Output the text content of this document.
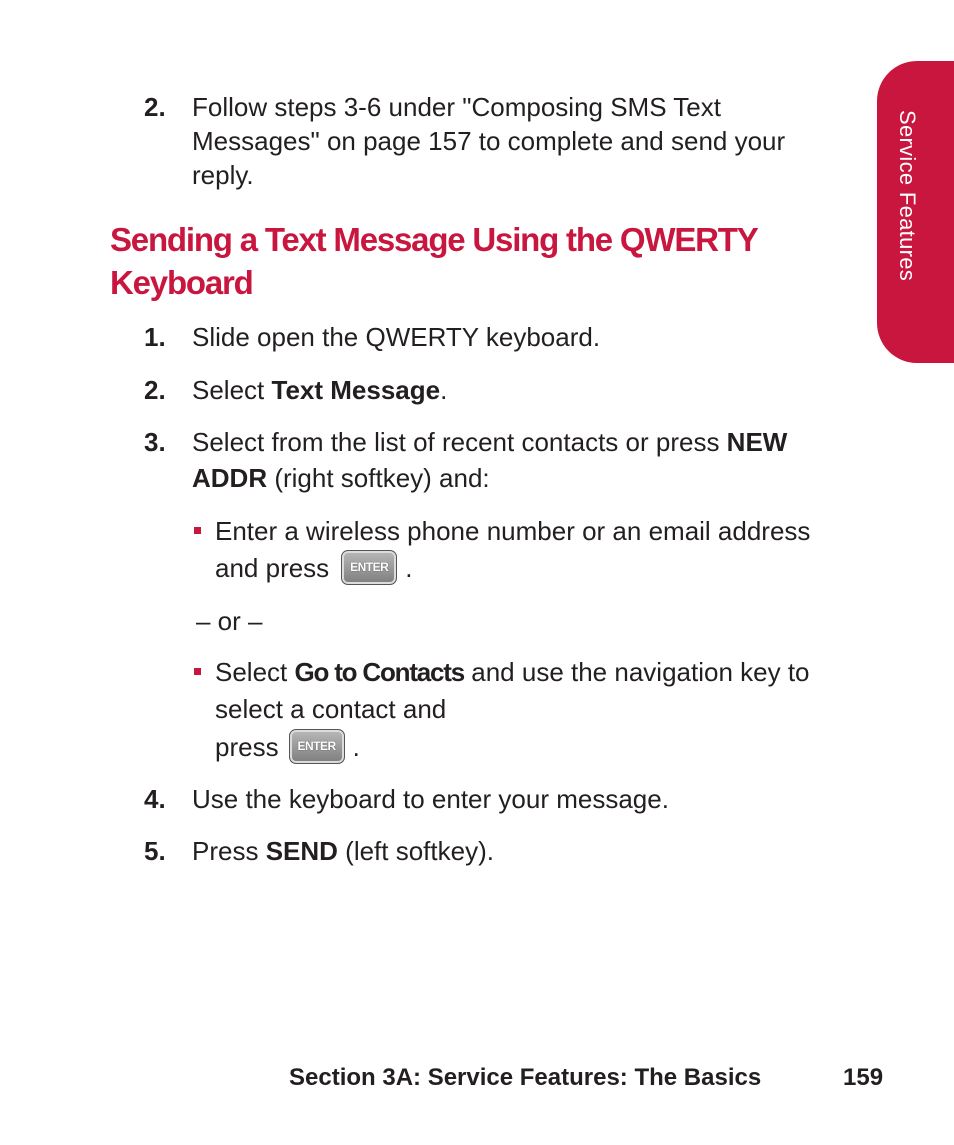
Service Features
2. Follow steps 3-6 under "Composing SMS Text
Messages" on page 157 to complete and send your
reply.
Sending a Text Message Using the QWERTY
Keyboard
1. Slide open the QWERTY keyboard.
2. Select Text Message.
3. Select from the list of recent contacts or press NEW
ADDR (right softkey) and:
Enter a wireless phone number or an email address
and press ENTER .
– or –
Select Go to Contacts and use the navigation key to
select a contact and
press ENTER .
4. Use the keyboard to enter your message.
5. Press SEND (left softkey).
Section 3A: Service Features: The Basics	159
